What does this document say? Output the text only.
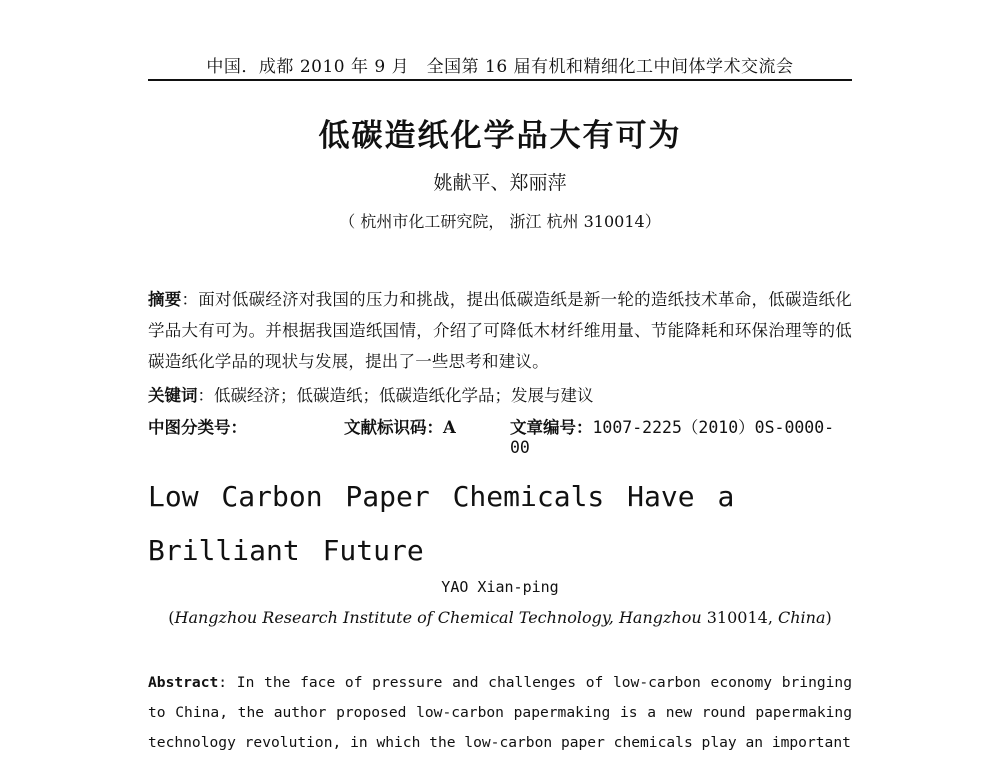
中国．成都 2010 年 9 月　全国第 16 届有机和精细化工中间体学术交流会
低碳造纸化学品大有可为
姚献平、郑丽萍
（ 杭州市化工研究院， 浙江 杭州 310014）
摘要：面对低碳经济对我国的压力和挑战，提出低碳造纸是新一轮的造纸技术革命，低碳造纸化学品大有可为。并根据我国造纸国情，介绍了可降低木材纤维用量、节能降耗和环保治理等的低碳造纸化学品的现状与发展，提出了一些思考和建议。
关键词：低碳经济；低碳造纸；低碳造纸化学品；发展与建议
中图分类号：	文献标识码：A	文章编号：1007-2225（2010）0S-0000-00
Low Carbon Paper Chemicals Have a Brilliant Future
YAO Xian-ping
(Hangzhou Research Institute of Chemical Technology, Hangzhou 310014, China)
Abstract: In the face of pressure and challenges of low-carbon economy bringing to China, the author proposed low-carbon papermaking is a new round papermaking technology revolution, in which the low-carbon paper chemicals play an important
